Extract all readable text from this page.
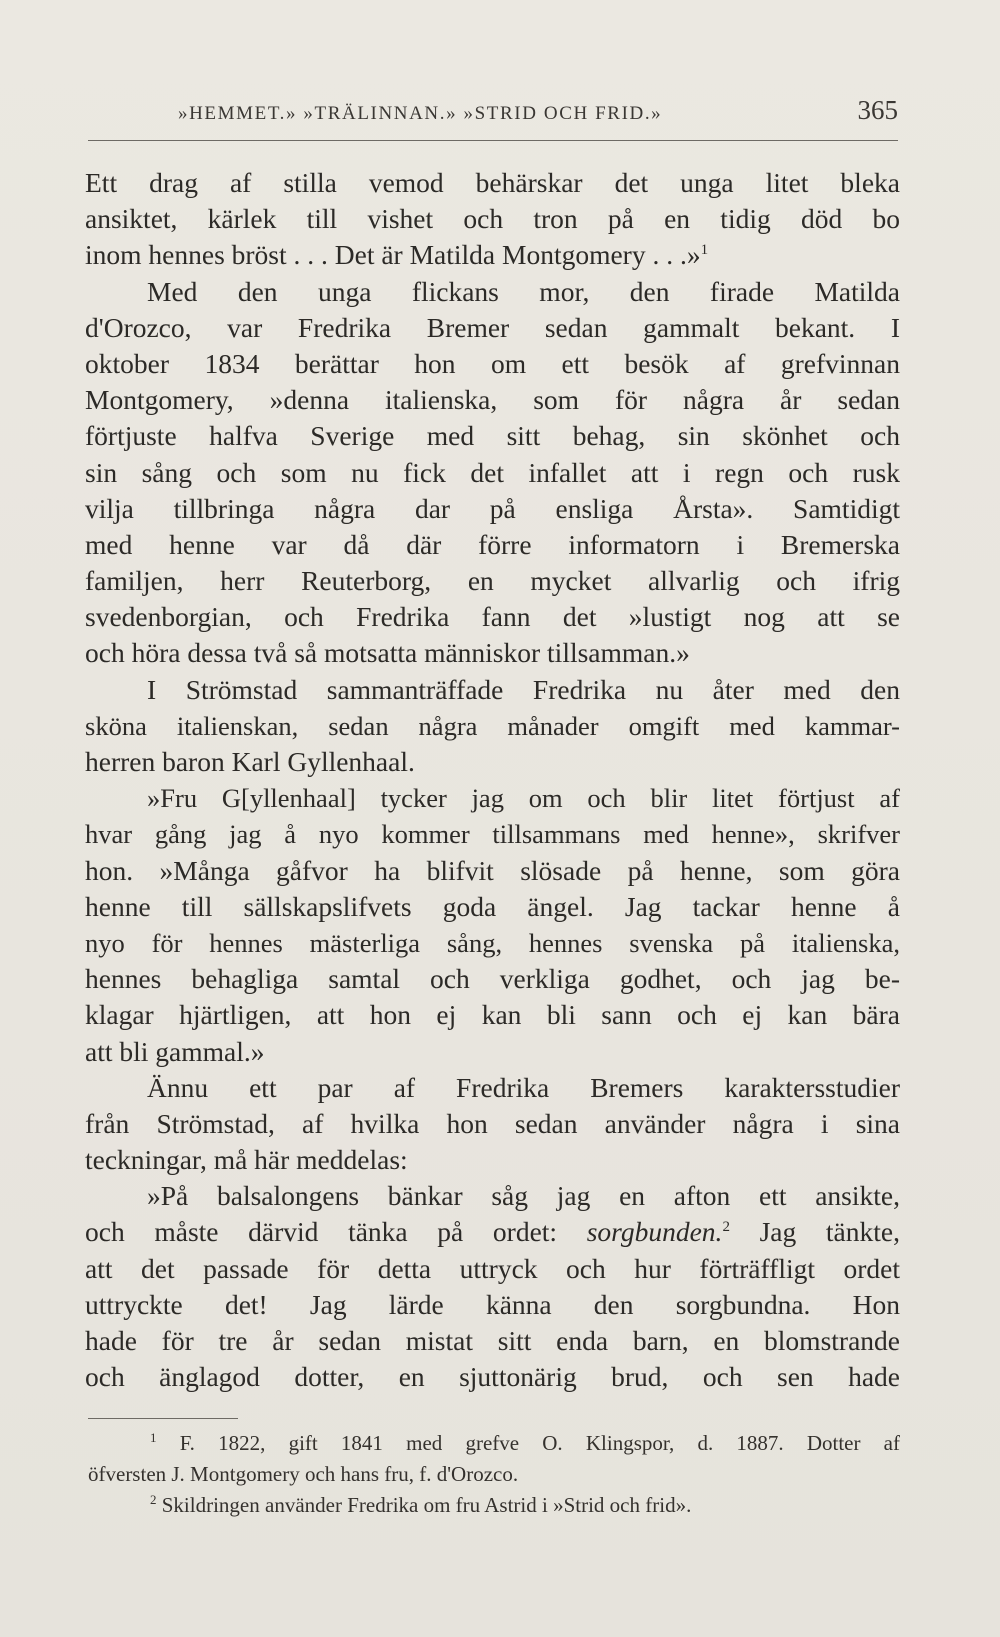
»HEMMET.» »TRÄLINNAN.» »STRID OCH FRID.»	365
Ett drag af stilla vemod behärskar det unga litet bleka
ansiktet, kärlek till vishet och tron på en tidig död bo
inom hennes bröst . . . Det är Matilda Montgomery . . .»$^1$
Med den unga flickans mor, den firade Matilda
d'Orozco, var Fredrika Bremer sedan gammalt bekant. I
oktober 1834 berättar hon om ett besök af grefvinnan
Montgomery, »denna italienska, som för några år sedan
förtjuste halfva Sverige med sitt behag, sin skönhet och
sin sång och som nu fick det infallet att i regn och rusk
vilja tillbringa några dar på ensliga Årsta». Samtidigt
med henne var då där förre informatorn i Bremerska
familjen, herr Reuterborg, en mycket allvarlig och ifrig
svedenborgian, och Fredrika fann det »lustigt nog att se
och höra dessa två så motsatta människor tillsamman.»
I Strömstad sammanträffade Fredrika nu åter med den
sköna italienskan, sedan några månader omgift med kammar-
herren baron Karl Gyllenhaal.
»Fru G[yllenhaal] tycker jag om och blir litet förtjust af
hvar gång jag å nyo kommer tillsammans med henne», skrifver
hon. »Många gåfvor ha blifvit slösade på henne, som göra
henne till sällskapslifvets goda ängel. Jag tackar henne å
nyo för hennes mästerliga sång, hennes svenska på italienska,
hennes behagliga samtal och verkliga godhet, och jag be-
klagar hjärtligen, att hon ej kan bli sann och ej kan bära
att bli gammal.»
Ännu ett par af Fredrika Bremers karaktersstudier
från Strömstad, af hvilka hon sedan använder några i sina
teckningar, må här meddelas:
»På balsalongens bänkar såg jag en afton ett ansikte,
och måste därvid tänka på ordet: sorgbunden.$^2$ Jag tänkte,
att det passade för detta uttryck och hur förträffligt ordet
uttryckte det! Jag lärde känna den sorgbundna. Hon
hade för tre år sedan mistat sitt enda barn, en blomstrande
och änglagod dotter, en sjuttonärig brud, och sen hade
$^1$ F. 1822, gift 1841 med grefve O. Klingspor, d. 1887. Dotter af
öfversten J. Montgomery och hans fru, f. d'Orozco.
$^2$ Skildringen använder Fredrika om fru Astrid i »Strid och frid».
